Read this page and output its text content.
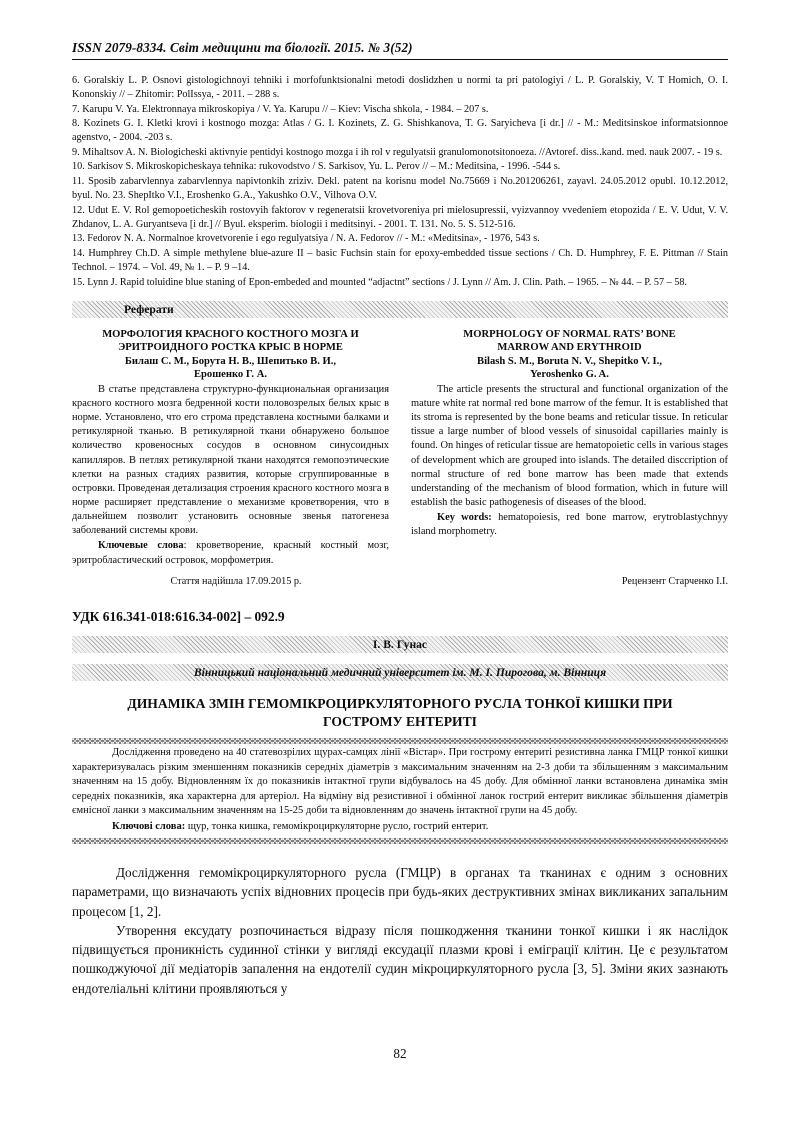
ISSN 2079-8334. Світ медицини та біології. 2015. № 3(52)

6. Goralskiy L. P. Osnovi gistologichnoyi tehniki i morfofunktsionalni metodi doslidzhen u normi ta pri patologiyi / L. P. Goralskiy, V. T Homich, O. I. Kononskiy // – Zhitomir: PolIssya, - 2011. – 288 s.

7. Karupu V. Ya. Elektronnaya mikroskopiya / V. Ya. Karupu // – Kiev: Vischa shkola, - 1984. – 207 s.

8. Kozinets G. I. Kletki krovi i kostnogo mozga: Atlas / G. I. Kozinets, Z. G. Shishkanova, T. G. Saryicheva [i dr.] // - M.: Meditsinskoe informatsionnoe agenstvo, - 2004. -203 s.

9. Mihaltsov A. N. Biologicheski aktivnyie pentidyi kostnogo mozga i ih rol v regulyatsii granulomonotsitonoeza. //Avtoref. diss..kand. med. nauk 2007. - 19 s.

10. Sarkisov S. Mikroskopicheskaya tehnika: rukovodstvo / S. Sarkisov, Yu. L. Perov // – M.: Meditsina, - 1996. -544 s.

11. Sposib zabarvlennya zabarvlennya napivtonkih zriziv. Dekl. patent na korisnu model No.75669 i No.201206261, zayavl. 24.05.2012 opubl. 10.12.2012, byul. No. 23. ShepItko V.I., Eroshenko G.A., Yakushko O.V., Vilhova O.V.

12. Udut E. V. Rol gemopoeticheskih rostovyih faktorov v regeneratsii krovetvoreniya pri mielosupressii, vyizvannoy vvedeniem etopozida / E. V. Udut, V. V. Zhdanov, L. A. Guryantseva [i dr.] // Byul. eksperim. biologii i meditsinyi. - 2001. T. 131. No. 5. S. 512-516.

13. Fedorov N. A. Normalnoe krovetvorenie i ego regulyatsiya / N. A. Fedorov // - M.: «Meditsina», - 1976, 543 s.

14. Humphrey Ch.D. A simple methylene blue-azure II – basic Fuchsin stain for epoxy-embedded tissue sections / Ch. D. Humphrey, F. E. Pittman // Stain Technol. – 1974. – Vol. 49, № 1. – P. 9 –14.

15. Lynn J. Rapid toluidine blue staning of Epon-embeded and mounted “adjactnt” sections / J. Lynn // Am. J. Clin. Path. – 1965. – № 44. – P. 57 – 58.

Реферати
МОРФОЛОГИЯ КРАСНОГО КОСТНОГО МОЗГА И
ЭРИТРОИДНОГО РОСТКА КРЫС В НОРМЕ
Билаш С. М., Борута Н. В., Шепитько В. И.,
Ерошенко Г. А.
В статье представлена структурно-функциональная организация красного костного мозга бедренной кости половозрелых белых крыс в норме. Установлено, что его строма представлена костными балками и ретикулярной тканью. В ретикулярной ткани обнаружено большое количество кровеносных сосудов в основном синусоидных капилляров. В петлях ретикулярной ткани находятся гемопоэтические клетки на разных стадиях развития, которые сгруппированные в островки. Проведеная детализация строения красного костного мозга в норме расширяет представление о механизме кроветворения, что в дальнейшем позволит установить основные звенья патогенеза заболеваний системы крови.
Ключевые слова: кроветворение, красный костный мозг, эритробластический островок, морфометрия.
MORPHOLOGY OF NORMAL RATS’ BONE
MARROW AND ERYTHROID
Bilash S. M., Boruta N. V., Shepitko V. I.,
Yeroshenko G. A.
The article presents the structural and functional organization of the mature white rat normal red bone marrow of the femur. It is established that its stroma is represented by the bone beams and reticular tissue. In reticular tissue a large number of blood vessels of sinusoidal capillaries mainly is found. On hinges of reticular tissue are hematopoietic cells in various stages of development which are grouped into islands. The detailed disccription of normal structure of red bone marrow has been made that extends understanding of the mechanism of blood formation, which in future will establish the basic pathogenesis of diseases of the blood.
Key words: hematopoiesis, red bone marrow, erytroblastychnyy island morphometry.
Стаття надійшла 17.09.2015 р.	Рецензент Старченко І.І.
УДК 616.341-018:616.34-002] – 092.9
І. В. Гунас
Вінницький національний медичний університет ім. М. І. Пирогова, м. Вінниця
ДИНАМІКА ЗМІН ГЕМОМІКРОЦИРКУЛЯТОРНОГО РУСЛА ТОНКОЇ КИШКИ ПРИ
ГОСТРОМУ ЕНТЕРИТІ
Дослідження проведено на 40 статевозрілих щурах-самцях лінії «Вістар». При гострому ентериті резистивна ланка ГМЦР тонкої кишки характеризувалась різким зменшенням показників середніх діаметрів з максимальним значенням на 2-3 доби та збільшенням з максимальним значенням на 15 добу. Відновленням їх до показників інтактної групи відбувалось на 45 добу. Для обмінної ланки встановлена динаміка змін середніх показників, яка характерна для артеріол. На відміну від резистивної і обмінної ланок гострий ентерит викликає збільшення діаметрів ємнісної ланки з максимальним значенням на 15-25 доби та відновленням до значень інтактної групи на 45 добу.
Ключові слова: щур, тонка кишка, гемомікроциркуляторне русло, гострий ентерит.

Дослідження гемомікроциркуляторного русла (ГМЦР) в органах та тканинах є одним з основних параметрами, що визначають успіх відновних процесів при будь-яких деструктивних змінах викликаних запальним процесом [1, 2].

Утворення ексудату розпочинається відразу після пошкодження тканини тонкої кишки і як наслідок підвищується проникність судинної стінки у вигляді ексудації плазми крові і еміграції клітин. Це є результатом пошкоджуючої дії медіаторів запалення на ендотелії судин мікроциркуляторного русла [3, 5]. Зміни яких зазнають ендотеліальні клітини проявляються у

82
